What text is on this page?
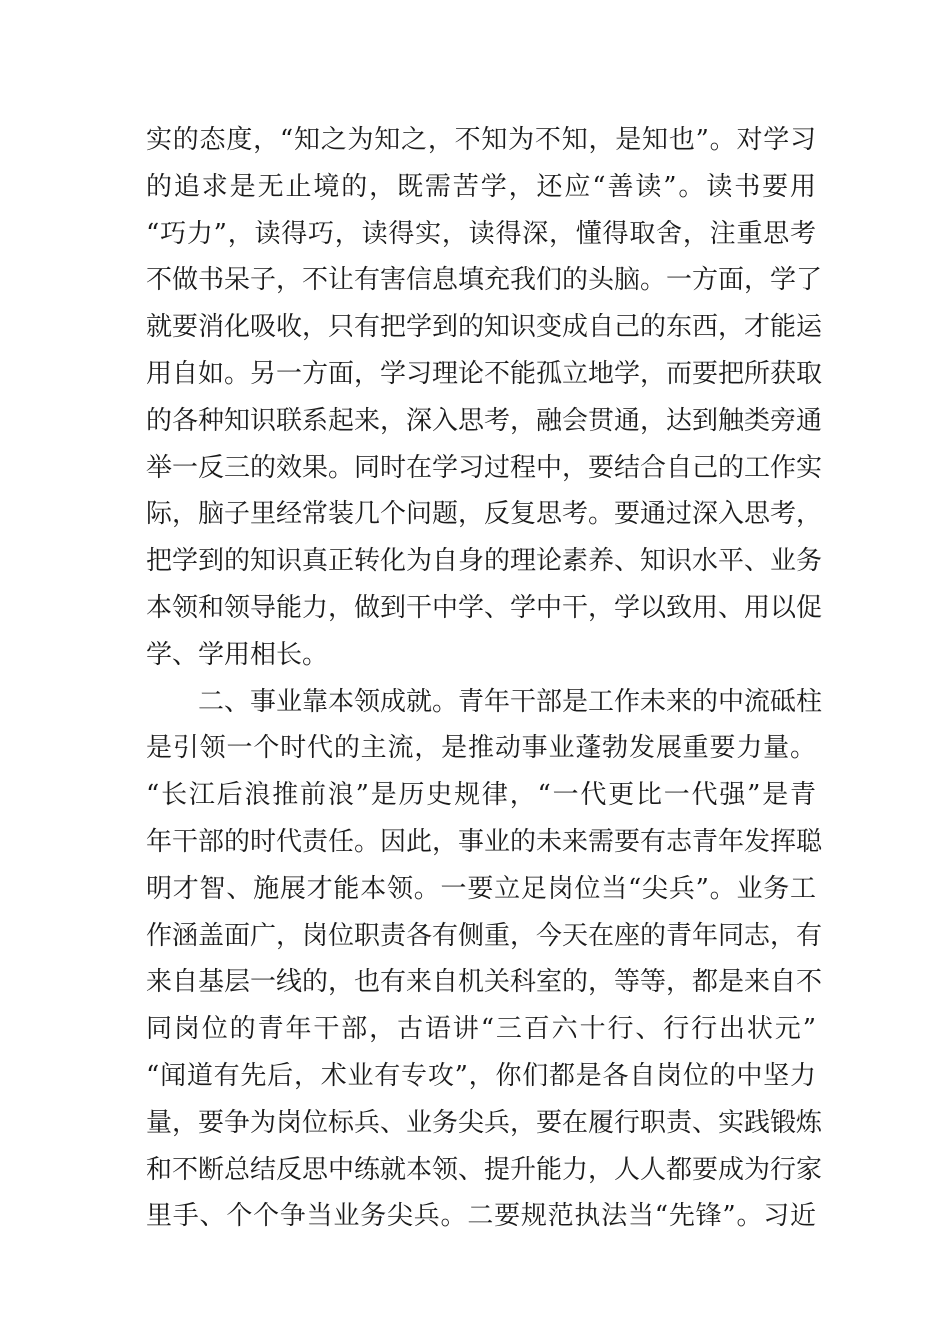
实的态度，“知之为知之，不知为不知，是知也”。对学习
的追求是无止境的，既需苦学，还应“善读”。读书要用
“巧力”，读得巧，读得实，读得深，懂得取舍，注重思考
不做书呆子，不让有害信息填充我们的头脑。一方面，学了
就要消化吸收，只有把学到的知识变成自己的东西，才能运
用自如。另一方面，学习理论不能孤立地学，而要把所获取
的各种知识联系起来，深入思考，融会贯通，达到触类旁通
举一反三的效果。同时在学习过程中，要结合自己的工作实
际，脑子里经常装几个问题，反复思考。要通过深入思考，
把学到的知识真正转化为自身的理论素养、知识水平、业务
本领和领导能力，做到干中学、学中干，学以致用、用以促
学、学用相长。
二、事业靠本领成就。青年干部是工作未来的中流砥柱
是引领一个时代的主流，是推动事业蓬勃发展重要力量。
“长江后浪推前浪”是历史规律，“一代更比一代强”是青
年干部的时代责任。因此，事业的未来需要有志青年发挥聪
明才智、施展才能本领。一要立足岗位当“尖兵”。业务工
作涵盖面广，岗位职责各有侧重，今天在座的青年同志，有
来自基层一线的，也有来自机关科室的，等等，都是来自不
同岗位的青年干部，古语讲“三百六十行、行行出状元”
“闻道有先后，术业有专攻”，你们都是各自岗位的中坚力
量，要争为岗位标兵、业务尖兵，要在履行职责、实践锻炼
和不断总结反思中练就本领、提升能力，人人都要成为行家
里手、个个争当业务尖兵。二要规范执法当“先锋”。习近
